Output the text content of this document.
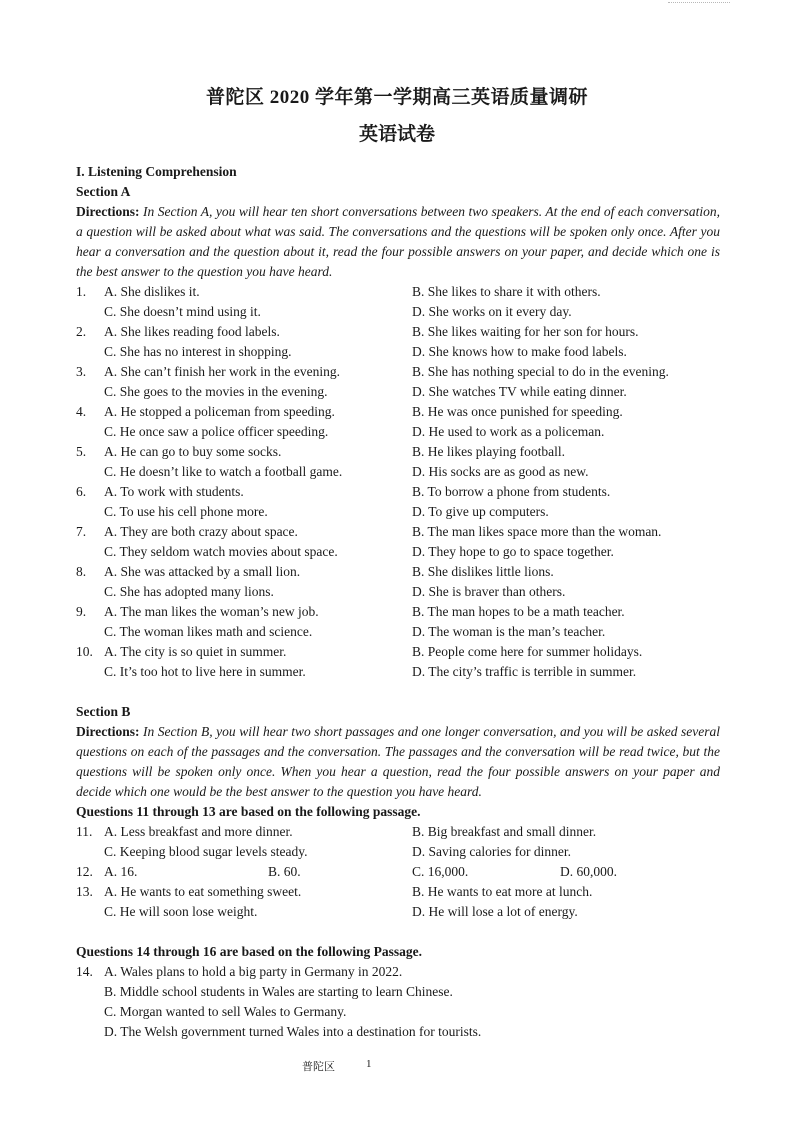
普陀区 2020 学年第一学期高三英语质量调研
英语试卷
I. Listening Comprehension
Section A
Directions: In Section A, you will hear ten short conversations between two speakers. At the end of each conversation, a question will be asked about what was said. The conversations and the questions will be spoken only once. After you hear a conversation and the question about it, read the four possible answers on your paper, and decide which one is the best answer to the question you have heard.
1. A. She dislikes it.	B. She likes to share it with others.
C. She doesn’t mind using it.	D. She works on it every day.
2. A. She likes reading food labels.	B. She likes waiting for her son for hours.
C. She has no interest in shopping.	D. She knows how to make food labels.
3. A. She can’t finish her work in the evening.	B. She has nothing special to do in the evening.
C. She goes to the movies in the evening.	D. She watches TV while eating dinner.
4. A. He stopped a policeman from speeding.	B. He was once punished for speeding.
C. He once saw a police officer speeding.	D. He used to work as a policeman.
5. A. He can go to buy some socks.	B. He likes playing football.
C. He doesn’t like to watch a football game.	D. His socks are as good as new.
6. A. To work with students.	B. To borrow a phone from students.
C. To use his cell phone more.	D. To give up computers.
7. A. They are both crazy about space.	B. The man likes space more than the woman.
C. They seldom watch movies about space.	D. They hope to go to space together.
8. A. She was attacked by a small lion.	B. She dislikes little lions.
C. She has adopted many lions.	D. She is braver than others.
9. A. The man likes the woman’s new job.	B. The man hopes to be a math teacher.
C. The woman likes math and science.	D. The woman is the man’s teacher.
10. A. The city is so quiet in summer.	B. People come here for summer holidays.
C. It’s too hot to live here in summer.	D. The city’s traffic is terrible in summer.
Section B
Directions: In Section B, you will hear two short passages and one longer conversation, and you will be asked several questions on each of the passages and the conversation. The passages and the conversation will be read twice, but the questions will be spoken only once. When you hear a question, read the four possible answers on your paper and decide which one would be the best answer to the question you have heard.
Questions 11 through 13 are based on the following passage.
11. A. Less breakfast and more dinner.	B. Big breakfast and small dinner.
C. Keeping blood sugar levels steady.	D. Saving calories for dinner.
12. A. 16.	B. 60.	C. 16,000.	D. 60,000.
13. A. He wants to eat something sweet.	B. He wants to eat more at lunch.
C. He will soon lose weight.	D. He will lose a lot of energy.
Questions 14 through 16 are based on the following Passage.
14. A. Wales plans to hold a big party in Germany in 2022.
B. Middle school students in Wales are starting to learn Chinese.
C. Morgan wanted to sell Wales to Germany.
D. The Welsh government turned Wales into a destination for tourists.
普陀区	1
